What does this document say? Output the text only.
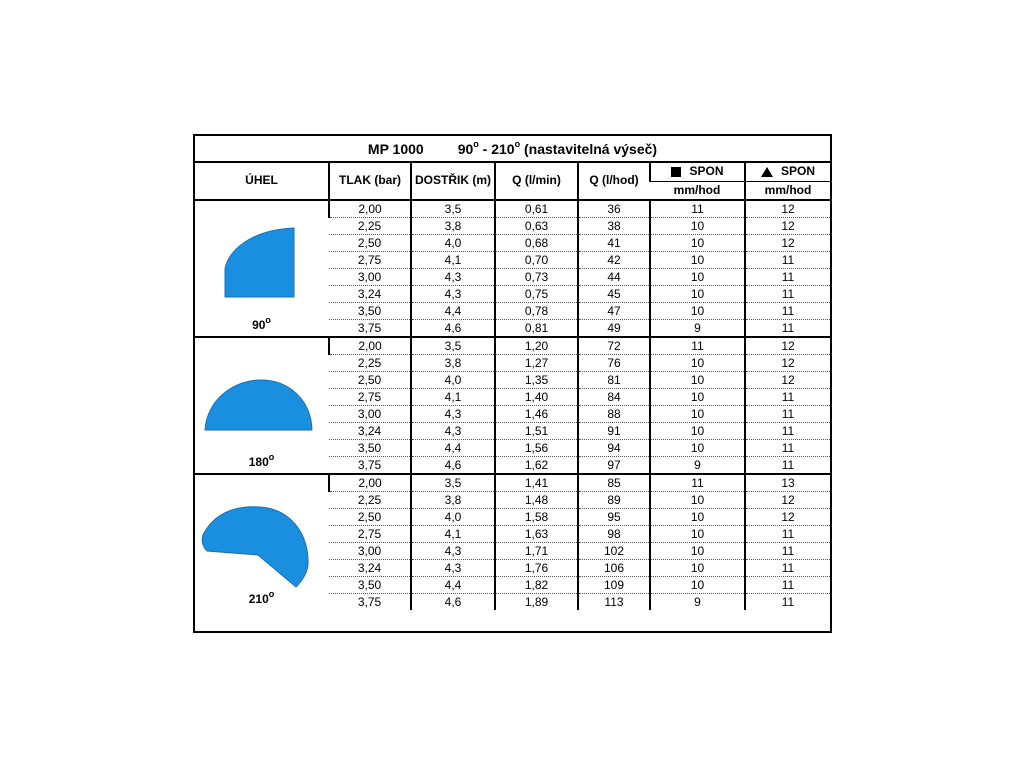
MP 1000 90$^o$ - 210$^o$ (nastavitelná výseč)
ÚHEL	TLAK (bar)	DOSTŘIK (m)	Q (l/min)	Q (l/hod)	SPON	SPON
					mm/hod	mm/hod

90$^o$	2,00	3,5	0,61	36	11	12
	2,25	3,8	0,63	38	10	12
	2,50	4,0	0,68	41	10	12
	2,75	4,1	0,70	42	10	11
	3,00	4,3	0,73	44	10	11
	3,24	4,3	0,75	45	10	11
	3,50	4,4	0,78	47	10	11
	3,75	4,6	0,81	49	9	11

180$^o$	2,00	3,5	1,20	72	11	12
	2,25	3,8	1,27	76	10	12
	2,50	4,0	1,35	81	10	12
	2,75	4,1	1,40	84	10	11
	3,00	4,3	1,46	88	10	11
	3,24	4,3	1,51	91	10	11
	3,50	4,4	1,56	94	10	11
	3,75	4,6	1,62	97	9	11

210$^o$	2,00	3,5	1,41	85	11	13
	2,25	3,8	1,48	89	10	12
	2,50	4,0	1,58	95	10	12
	2,75	4,1	1,63	98	10	11
	3,00	4,3	1,71	102	10	11
	3,24	4,3	1,76	106	10	11
	3,50	4,4	1,82	109	10	11
	3,75	4,6	1,89	113	9	11
